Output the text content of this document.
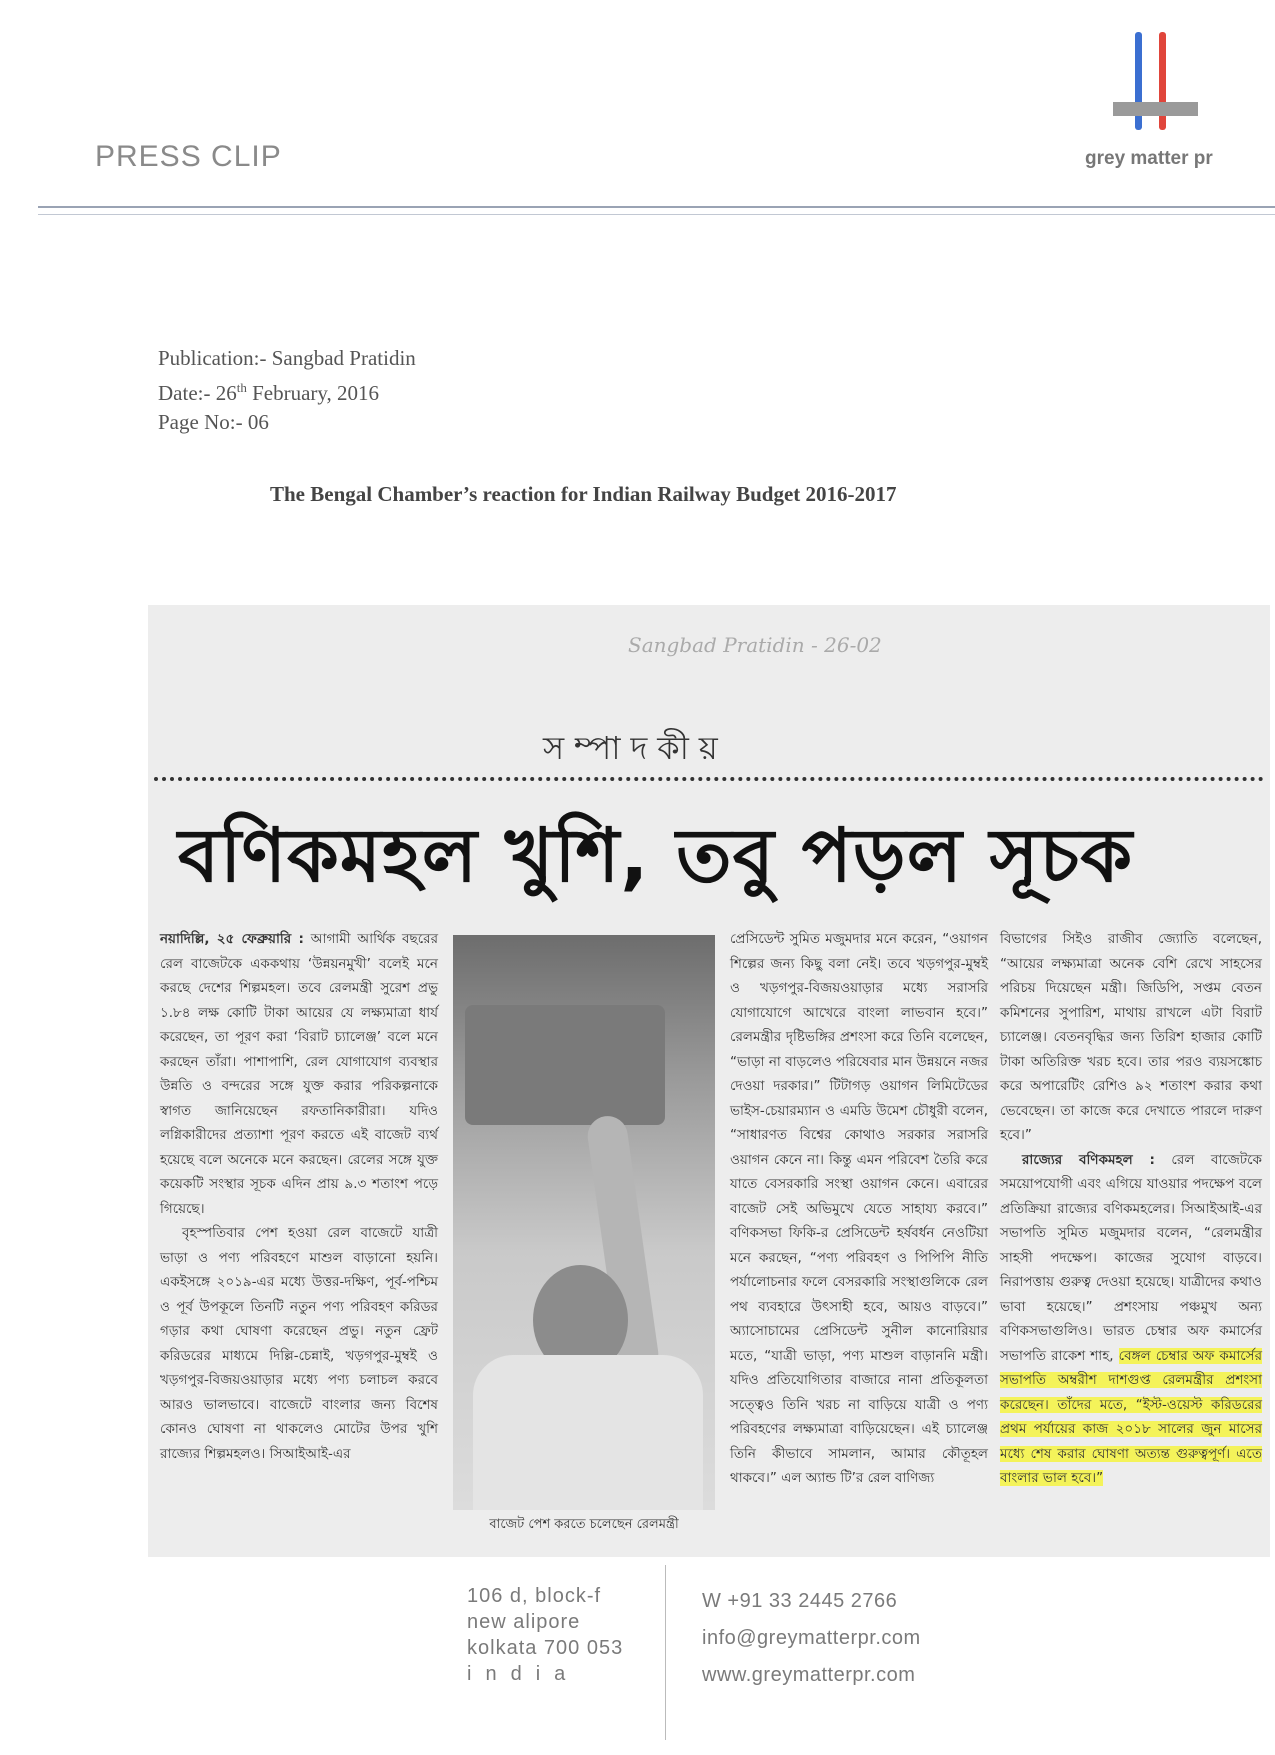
PRESS CLIP	grey matter pr
Publication:- Sangbad Pratidin
Date:- 26th February, 2016
Page No:- 06
The Bengal Chamber’s reaction for Indian Railway Budget 2016-2017
Sangbad Pratidin - 26-02
সম্পাদকীয়
বণিকমহল খুশি, তবু পড়ল সূচক

নয়াদিল্লি, ২৫ ফেব্রুয়ারি : আগামী আর্থিক বছরের রেল বাজেটকে এককথায় ‘উন্নয়নমুখী’ বলেই মনে করছে দেশের শিল্পমহল। তবে রেলমন্ত্রী সুরেশ প্রভু ১.৮৪ লক্ষ কোটি টাকা আয়ের যে লক্ষ্যমাত্রা ধার্য করেছেন, তা পূরণ করা ‘বিরাট চ্যালেঞ্জ’ বলে মনে করছেন তাঁরা। পাশাপাশি, রেল যোগাযোগ ব্যবস্থার উন্নতি ও বন্দরের সঙ্গে যুক্ত করার পরিকল্পনাকে স্বাগত জানিয়েছেন রফতানিকারীরা। যদিও লগ্নিকারীদের প্রত্যাশা পূরণ করতে এই বাজেট ব্যর্থ হয়েছে বলে অনেকে মনে করছেন। রেলের সঙ্গে যুক্ত কয়েকটি সংস্থার সূচক এদিন প্রায় ৯.৩ শতাংশ পড়ে গিয়েছে।

বৃহস্পতিবার পেশ হওয়া রেল বাজেটে যাত্রী ভাড়া ও পণ্য পরিবহণে মাশুল বাড়ানো হয়নি। একইসঙ্গে ২০১৯-এর মধ্যে উত্তর-দক্ষিণ, পূর্ব-পশ্চিম ও পূর্ব উপকূলে তিনটি নতুন পণ্য পরিবহণ করিডর গড়ার কথা ঘোষণা করেছেন প্রভু। নতুন ফ্রেট করিডরের মাধ্যমে দিল্লি-চেন্নাই, খড়গপুর-মুম্বই ও খড়গপুর-বিজয়ওয়াড়ার মধ্যে পণ্য চলাচল করবে আরও ভালভাবে। বাজেটে বাংলার জন্য বিশেষ কোনও ঘোষণা না থাকলেও মোটের উপর খুশি রাজ্যের শিল্পমহলও। সিআইআই-এর

বাজেট পেশ করতে চলেছেন রেলমন্ত্রী

প্রেসিডেন্ট সুমিত মজুমদার মনে করেন, “ওয়াগন শিল্পের জন্য কিছু বলা নেই। তবে খড়গপুর-মুম্বই ও খড়গপুর-বিজয়ওয়াড়ার মধ্যে সরাসরি যোগাযোগে আখেরে বাংলা লাভবান হবে।” রেলমন্ত্রীর দৃষ্টিভঙ্গির প্রশংসা করে তিনি বলেছেন, “ভাড়া না বাড়লেও পরিষেবার মান উন্নয়নে নজর দেওয়া দরকার।” টিটাগড় ওয়াগন লিমিটেডের ভাইস-চেয়ারম্যান ও এমডি উমেশ চৌধুরী বলেন, “সাধারণত বিশ্বের কোথাও সরকার সরাসরি ওয়াগন কেনে না। কিন্তু এমন পরিবেশ তৈরি করে যাতে বেসরকারি সংস্থা ওয়াগন কেনে। এবারের বাজেট সেই অভিমুখে যেতে সাহায্য করবে।” বণিকসভা ফিকি-র প্রেসিডেন্ট হর্ষবর্ধন নেওটিয়া মনে করছেন, “পণ্য পরিবহণ ও পিপিপি নীতি পর্যালোচনার ফলে বেসরকারি সংস্থাগুলিকে রেল পথ ব্যবহারে উৎসাহী হবে, আয়ও বাড়বে।” অ্যাসোচামের প্রেসিডেন্ট সুনীল কানোরিয়ার মতে, “যাত্রী ভাড়া, পণ্য মাশুল বাড়াননি মন্ত্রী। যদিও প্রতিযোগিতার বাজারে নানা প্রতিকূলতা সত্ত্বেও তিনি খরচ না বাড়িয়ে যাত্রী ও পণ্য পরিবহণের লক্ষ্যমাত্রা বাড়িয়েছেন। এই চ্যালেঞ্জ তিনি কীভাবে সামলান, আমার কৌতূহল থাকবে।” এল অ্যান্ড টি’র রেল বাণিজ্য

বিভাগের সিইও রাজীব জ্যোতি বলেছেন, “আয়ের লক্ষ্যমাত্রা অনেক বেশি রেখে সাহসের পরিচয় দিয়েছেন মন্ত্রী। জিডিপি, সপ্তম বেতন কমিশনের সুপারিশ, মাথায় রাখলে এটা বিরাট চ্যালেঞ্জ। বেতনবৃদ্ধির জন্য তিরিশ হাজার কোটি টাকা অতিরিক্ত খরচ হবে। তার পরও ব্যয়সঙ্কোচ করে অপারেটিং রেশিও ৯২ শতাংশ করার কথা ভেবেছেন। তা কাজে করে দেখাতে পারলে দারুণ হবে।”

রাজ্যের বণিকমহল : রেল বাজেটকে সময়োপযোগী এবং এগিয়ে যাওয়ার পদক্ষেপ বলে প্রতিক্রিয়া রাজ্যের বণিকমহলের। সিআইআই-এর সভাপতি সুমিত মজুমদার বলেন, “রেলমন্ত্রীর সাহসী পদক্ষেপ। কাজের সুযোগ বাড়বে। নিরাপত্তায় গুরুত্ব দেওয়া হয়েছে। যাত্রীদের কথাও ভাবা হয়েছে।” প্রশংসায় পঞ্চমুখ অন্য বণিকসভাগুলিও। ভারত চেম্বার অফ কমার্সের সভাপতি রাকেশ শাহ, বেঙ্গল চেম্বার অফ কমার্সের সভাপতি অম্বরীশ দাশগুপ্ত রেলমন্ত্রীর প্রশংসা করেছেন। তাঁদের মতে, “ইস্ট-ওয়েস্ট করিডরের প্রথম পর্যায়ের কাজ ২০১৮ সালের জুন মাসের মধ্যে শেষ করার ঘোষণা অত্যন্ত গুরুত্বপূর্ণ। এতে বাংলার ভাল হবে।”

106 d, block-f
new alipore
kolkata 700 053
india
W +91 33 2445 2766
info@greymatterpr.com
www.greymatterpr.com
